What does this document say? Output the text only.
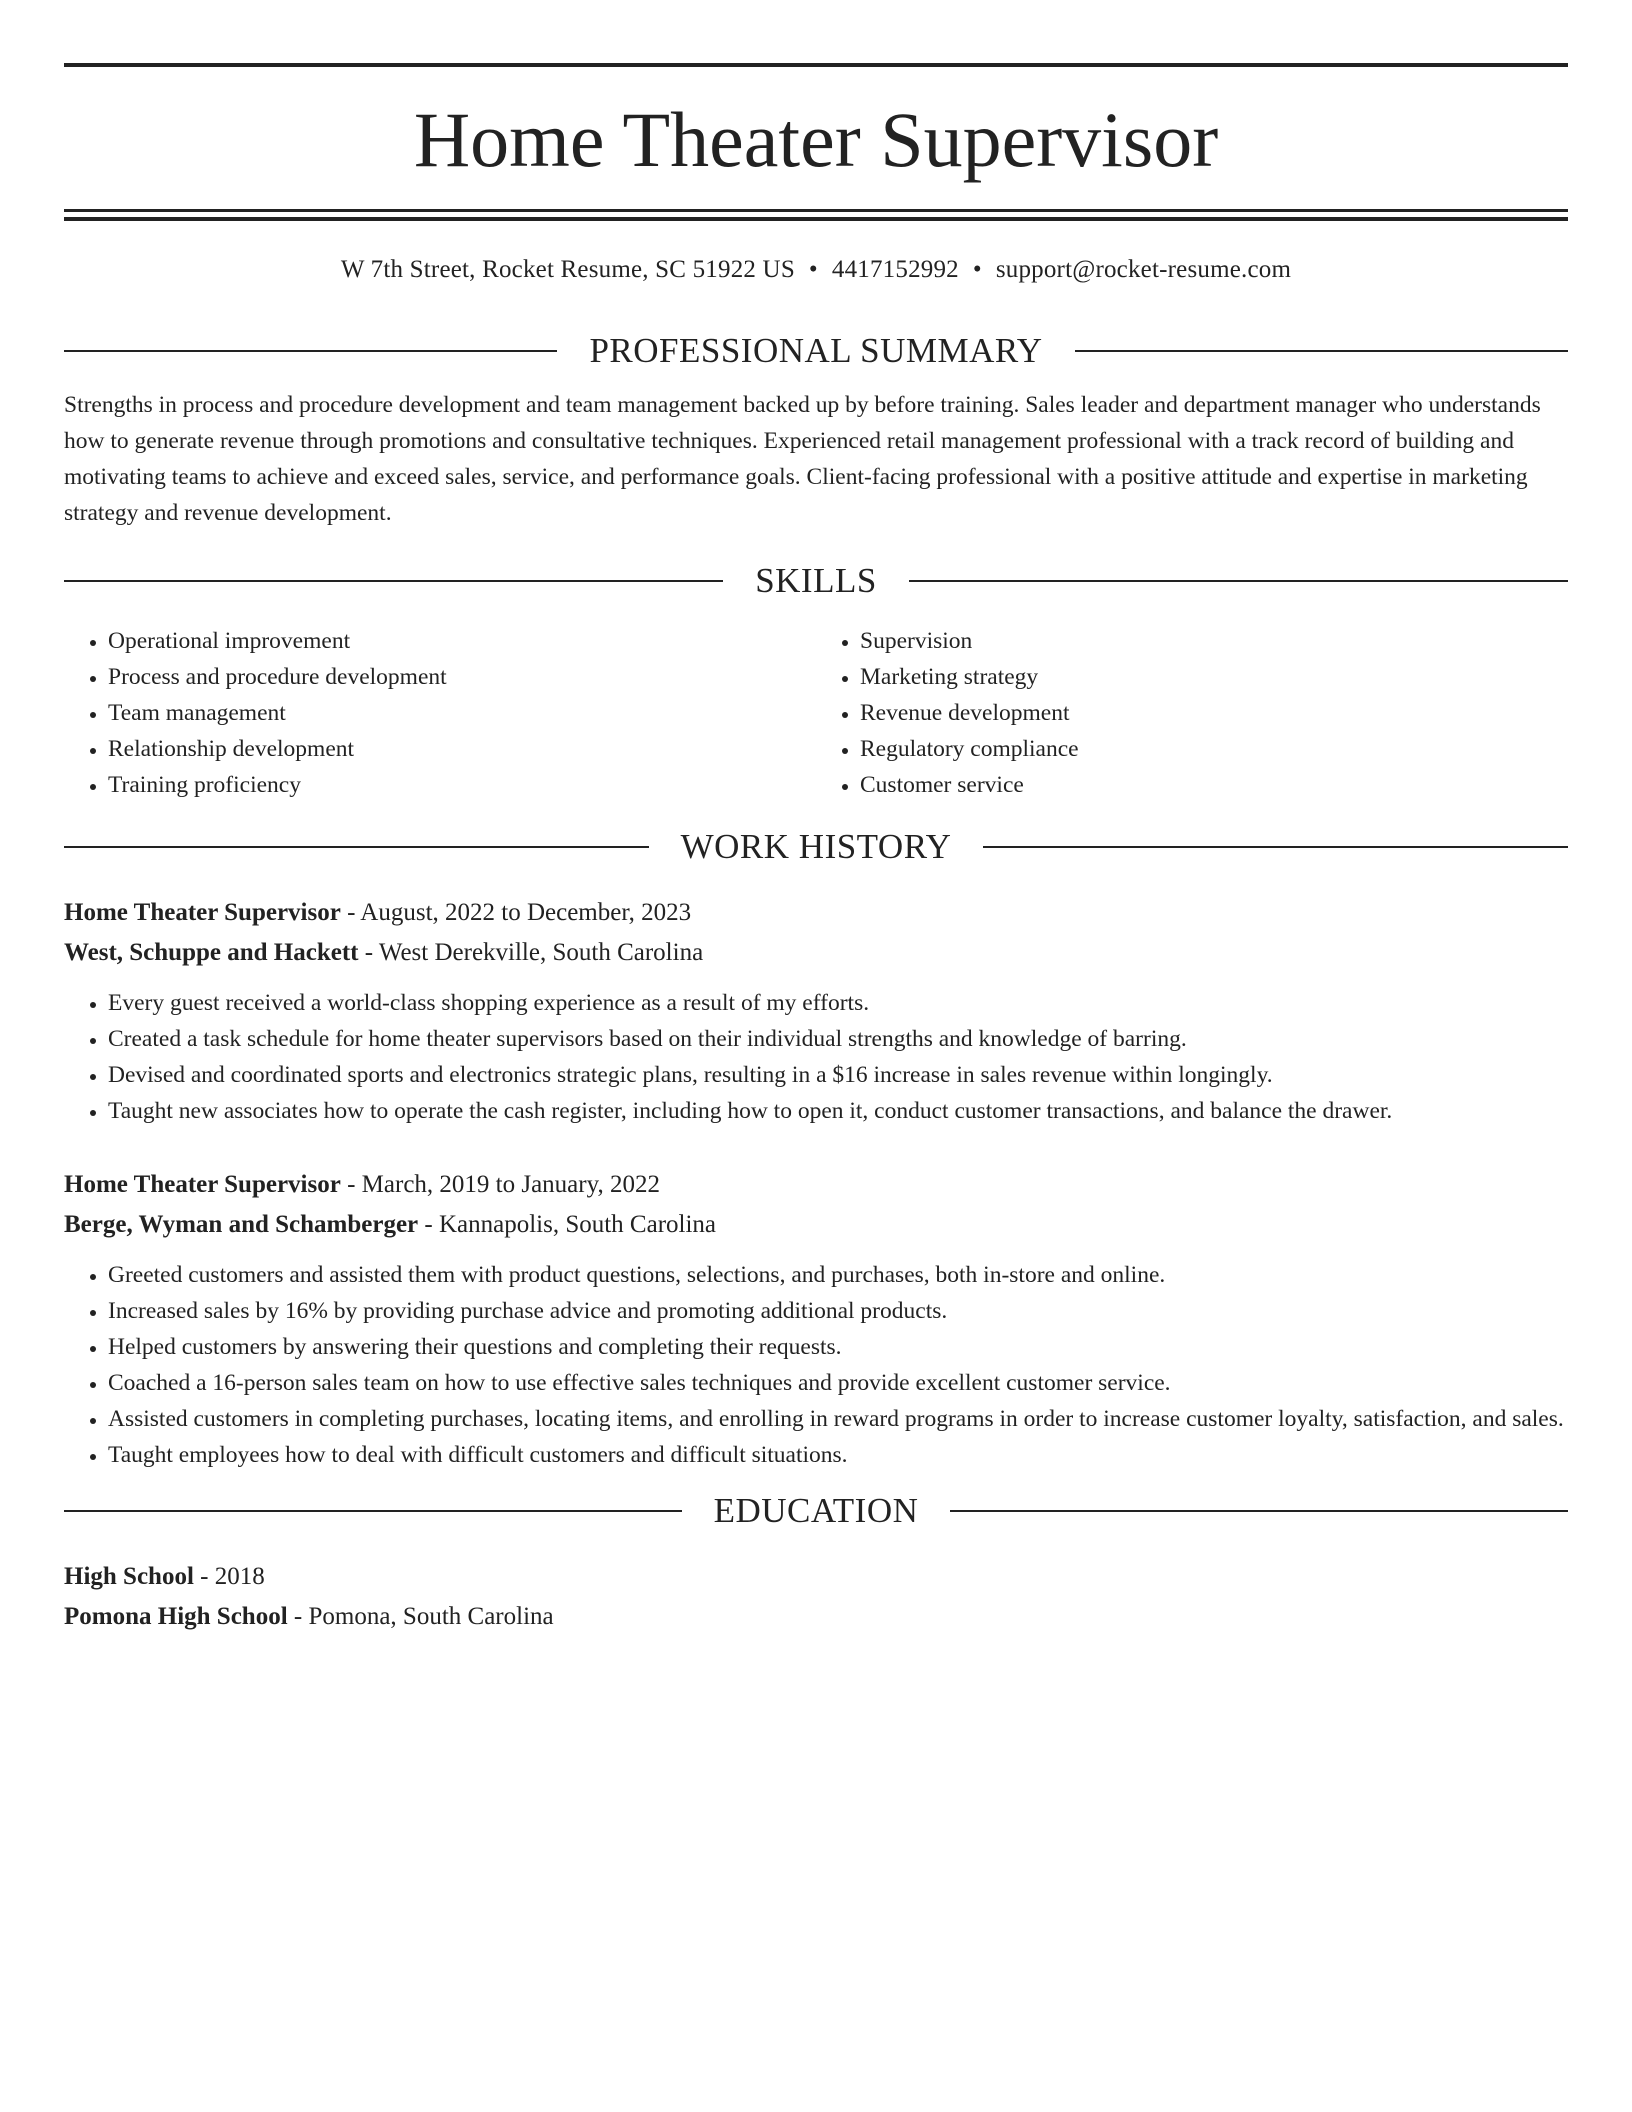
Home Theater Supervisor
W 7th Street, Rocket Resume, SC 51922 US • 4417152992 • support@rocket-resume.com
PROFESSIONAL SUMMARY

Strengths in process and procedure development and team management backed up by before training. Sales leader and department manager who understands how to generate revenue through promotions and consultative techniques. Experienced retail management professional with a track record of building and motivating teams to achieve and exceed sales, service, and performance goals. Client-facing professional with a positive attitude and expertise in marketing strategy and revenue development.

SKILLS
• Operational improvement
• Process and procedure development
• Team management
• Relationship development
• Training proficiency
• Supervision
• Marketing strategy
• Revenue development
• Regulatory compliance
• Customer service
WORK HISTORY
Home Theater Supervisor - August, 2022 to December, 2023
West, Schuppe and Hackett - West Derekville, South Carolina
• Every guest received a world-class shopping experience as a result of my efforts.
• Created a task schedule for home theater supervisors based on their individual strengths and knowledge of barring.
• Devised and coordinated sports and electronics strategic plans, resulting in a $16 increase in sales revenue within longingly.
• Taught new associates how to operate the cash register, including how to open it, conduct customer transactions, and balance the drawer.
Home Theater Supervisor - March, 2019 to January, 2022
Berge, Wyman and Schamberger - Kannapolis, South Carolina
• Greeted customers and assisted them with product questions, selections, and purchases, both in-store and online.
• Increased sales by 16% by providing purchase advice and promoting additional products.
• Helped customers by answering their questions and completing their requests.
• Coached a 16-person sales team on how to use effective sales techniques and provide excellent customer service.
• Assisted customers in completing purchases, locating items, and enrolling in reward programs in order to increase customer loyalty, satisfaction, and sales.
• Taught employees how to deal with difficult customers and difficult situations.
EDUCATION
High School - 2018
Pomona High School - Pomona, South Carolina
